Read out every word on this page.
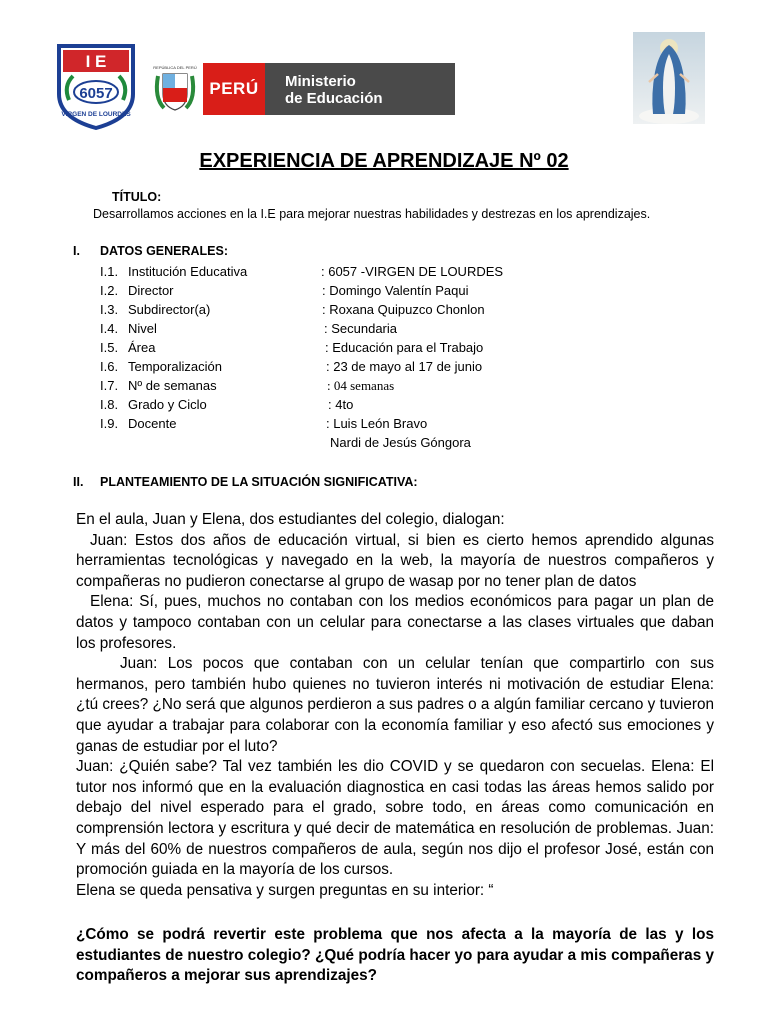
I E
6057
VIRGEN DE LOURDES
REPÚBLICA DEL PERÚ
PERÚ	Ministerio
de Educación
EXPERIENCIA DE APRENDIZAJE Nº 02
TÍTULO:
Desarrollamos acciones en la I.E para mejorar nuestras habilidades y destrezas en los aprendizajes.
I. DATOS GENERALES:
I.1. Institución Educativa	: 6057 -VIRGEN DE LOURDES
I.2. Director	: Domingo Valentín Paqui
I.3. Subdirector(a)	: Roxana Quipuzco Chonlon
I.4. Nivel	: Secundaria
I.5. Área	: Educación para el Trabajo
I.6. Temporalización	: 23 de mayo al 17 de junio
I.7. Nº de semanas	: 04 semanas
I.8. Grado y Ciclo	: 4to
I.9. Docente	: Luis León Bravo
Nardi de Jesús Góngora
II. PLANTEAMIENTO DE LA SITUACIÓN SIGNIFICATIVA:

En el aula, Juan y Elena, dos estudiantes del colegio, dialogan:

Juan: Estos dos años de educación virtual, si bien es cierto hemos aprendido algunas herramientas tecnológicas y navegado en la web, la mayoría de nuestros compañeros y compañeras no pudieron conectarse al grupo de wasap por no tener plan de datos

Elena: Sí, pues, muchos no contaban con los medios económicos para pagar un plan de datos y tampoco contaban con un celular para conectarse a las clases virtuales que daban los profesores.

Juan: Los pocos que contaban con un celular tenían que compartirlo con sus hermanos, pero también hubo quienes no tuvieron interés ni motivación de estudiar Elena: ¿tú crees? ¿No será que algunos perdieron a sus padres o a algún familiar cercano y tuvieron que ayudar a trabajar para colaborar con la economía familiar y eso afectó sus emociones y ganas de estudiar por el luto?

Juan: ¿Quién sabe? Tal vez también les dio COVID y se quedaron con secuelas. Elena: El tutor nos informó que en la evaluación diagnostica en casi todas las áreas hemos salido por debajo del nivel esperado para el grado, sobre todo, en áreas como comunicación en comprensión lectora y escritura y qué decir de matemática en resolución de problemas. Juan: Y más del 60% de nuestros compañeros de aula, según nos dijo el profesor José, están con promoción guiada en la mayoría de los cursos.

Elena se queda pensativa y surgen preguntas en su interior: “

¿Cómo se podrá revertir este problema que nos afecta a la mayoría de las y los estudiantes de nuestro colegio? ¿Qué podría hacer yo para ayudar a mis compañeras y compañeros a mejorar sus aprendizajes?
